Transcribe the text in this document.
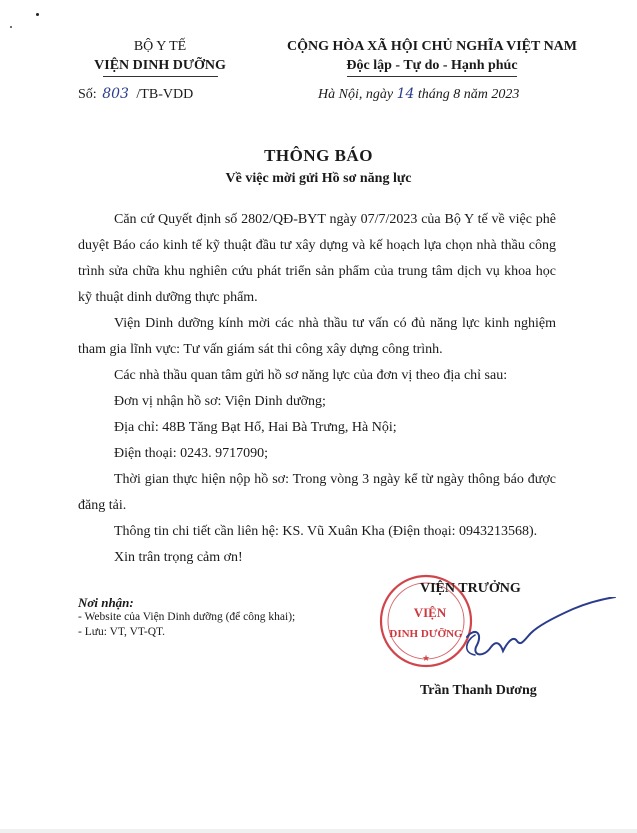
BỘ Y TẾ
VIỆN DINH DƯỠNG
Số: 803 /TB-VDD
CỘNG HÒA XÃ HỘI CHỦ NGHĨA VIỆT NAM
Độc lập - Tự do - Hạnh phúc
Hà Nội, ngày 14 tháng 8 năm 2023
THÔNG BÁO
Về việc mời gửi Hồ sơ năng lực

Căn cứ Quyết định số 2802/QĐ-BYT ngày 07/7/2023 của Bộ Y tế về việc phê duyệt Báo cáo kinh tế kỹ thuật đầu tư xây dựng và kế hoạch lựa chọn nhà thầu công trình sửa chữa khu nghiên cứu phát triển sản phẩm của trung tâm dịch vụ khoa học kỹ thuật dinh dưỡng thực phẩm.

Viện Dinh dưỡng kính mời các nhà thầu tư vấn có đủ năng lực kinh nghiệm tham gia lĩnh vực: Tư vấn giám sát thi công xây dựng công trình.

Các nhà thầu quan tâm gửi hồ sơ năng lực của đơn vị theo địa chỉ sau:

Đơn vị nhận hồ sơ: Viện Dinh dưỡng;

Địa chỉ: 48B Tăng Bạt Hổ, Hai Bà Trưng, Hà Nội;

Điện thoại: 0243. 9717090;

Thời gian thực hiện nộp hồ sơ: Trong vòng 3 ngày kể từ ngày thông báo được đăng tải.

Thông tin chi tiết cần liên hệ: KS. Vũ Xuân Kha (Điện thoại: 0943213568).

Xin trân trọng cảm ơn!

Nơi nhận:
- Website của Viện Dinh dưỡng (để công khai);
- Lưu: VT, VT-QT.
VIỆN
DINH DƯỠNG
★
VIỆN TRƯỞNG
Trần Thanh Dương
